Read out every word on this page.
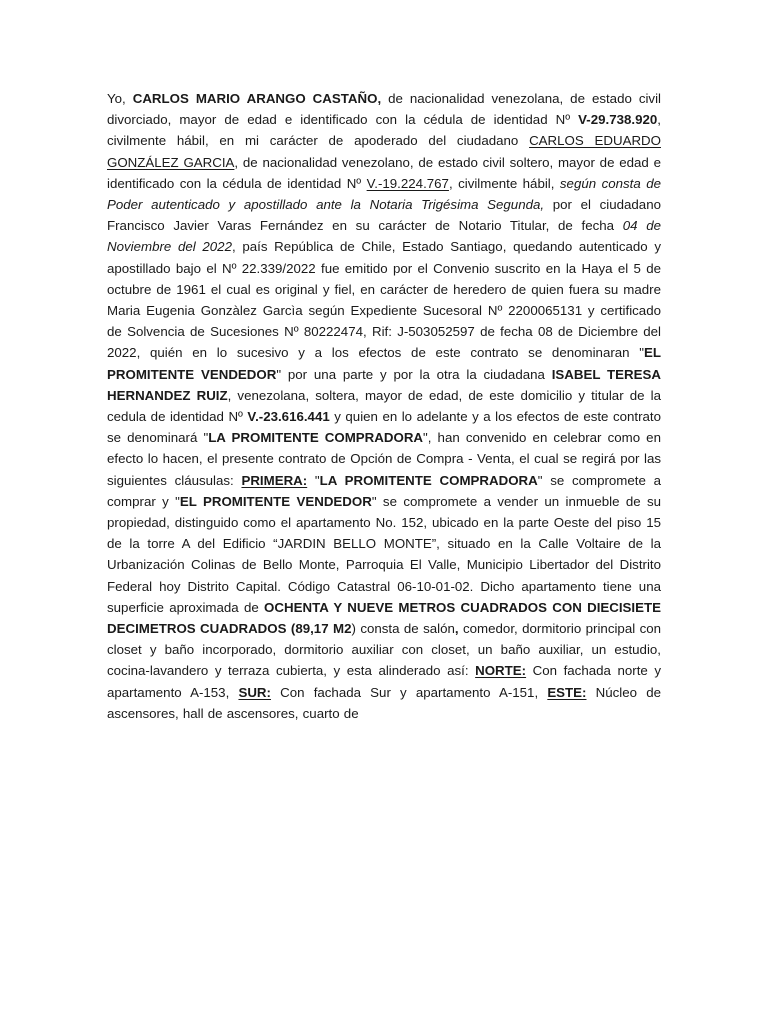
Yo, CARLOS MARIO ARANGO CASTAÑO, de nacionalidad venezolana, de estado civil divorciado, mayor de edad e identificado con la cédula de identidad Nº V-29.738.920, civilmente hábil, en mi carácter de apoderado del ciudadano CARLOS EDUARDO GONZÁLEZ GARCIA, de nacionalidad venezolano, de estado civil soltero, mayor de edad e identificado con la cédula de identidad Nº V.-19.224.767, civilmente hábil, según consta de Poder autenticado y apostillado ante la Notaria Trigésima Segunda, por el ciudadano Francisco Javier Varas Fernández en su carácter de Notario Titular, de fecha 04 de Noviembre del 2022, país República de Chile, Estado Santiago, quedando autenticado y apostillado bajo el Nº 22.339/2022 fue emitido por el Convenio suscrito en la Haya el 5 de octubre de 1961 el cual es original y fiel, en carácter de heredero de quien fuera su madre Maria Eugenia Gonzàlez Garcìa según Expediente Sucesoral Nº 2200065131 y certificado de Solvencia de Sucesiones Nº 80222474, Rif: J-503052597 de fecha 08 de Diciembre del 2022, quién en lo sucesivo y a los efectos de este contrato se denominaran "EL PROMITENTE VENDEDOR" por una parte y por la otra la ciudadana ISABEL TERESA HERNANDEZ RUIZ, venezolana, soltera, mayor de edad, de este domicilio y titular de la cedula de identidad Nº V.-23.616.441 y quien en lo adelante y a los efectos de este contrato se denominará "LA PROMITENTE COMPRADORA", han convenido en celebrar como en efecto lo hacen, el presente contrato de Opción de Compra - Venta, el cual se regirá por las siguientes cláusulas: PRIMERA: "LA PROMITENTE COMPRADORA" se compromete a comprar y "EL PROMITENTE VENDEDOR" se compromete a vender un inmueble de su propiedad, distinguido como el apartamento No. 152, ubicado en la parte Oeste del piso 15 de la torre A del Edificio “JARDIN BELLO MONTE”, situado en la Calle Voltaire de la Urbanización Colinas de Bello Monte, Parroquia El Valle, Municipio Libertador del Distrito Federal hoy Distrito Capital. Código Catastral 06-10-01-02. Dicho apartamento tiene una superficie aproximada de OCHENTA Y NUEVE METROS CUADRADOS CON DIECISIETE DECIMETROS CUADRADOS (89,17 M2) consta de salón, comedor, dormitorio principal con closet y baño incorporado, dormitorio auxiliar con closet, un baño auxiliar, un estudio, cocina-lavandero y terraza cubierta, y esta alinderado así: NORTE: Con fachada norte y apartamento A-153, SUR: Con fachada Sur y apartamento A-151, ESTE: Núcleo de ascensores, hall de ascensores, cuarto de
